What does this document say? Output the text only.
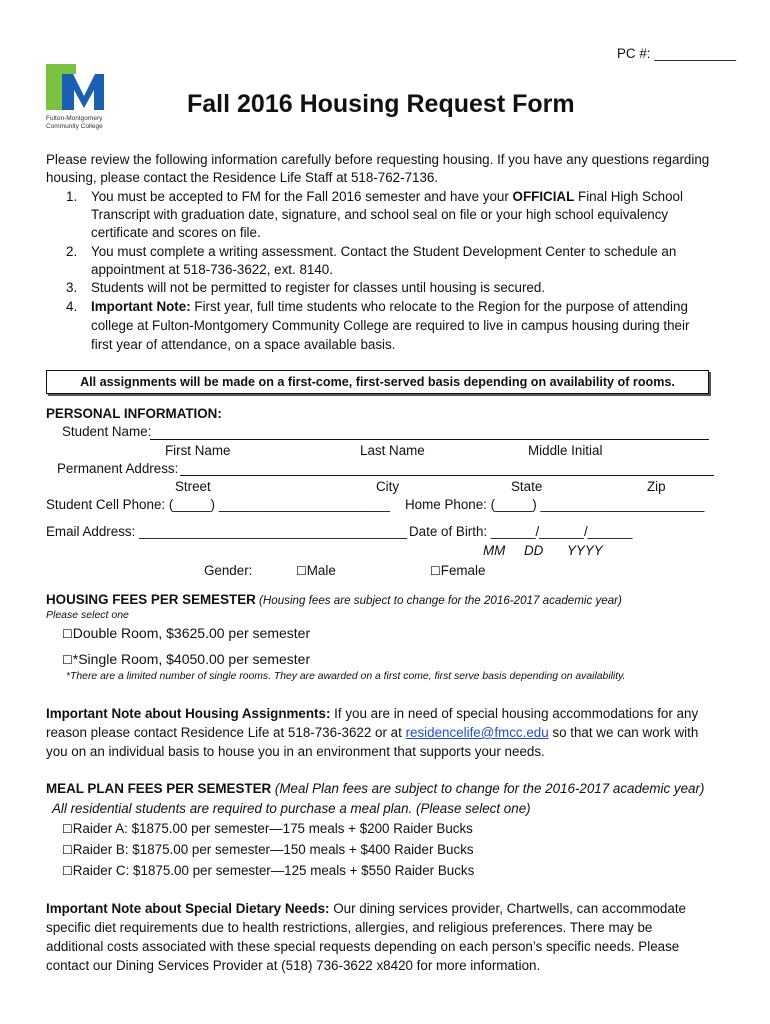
PC #: ___________
Fulton-Montgomery
Community College
Fall 2016 Housing Request Form
Please review the following information carefully before requesting housing. If you have any questions regarding
housing, please contact the Residence Life Staff at 518-762-7136.
1. You must be accepted to FM for the Fall 2016 semester and have your OFFICIAL Final High School
Transcript with graduation date, signature, and school seal on file or your high school equivalency
certificate and scores on file.
2. You must complete a writing assessment. Contact the Student Development Center to schedule an
appointment at 518-736-3622, ext. 8140.
3. Students will not be permitted to register for classes until housing is secured.
4. Important Note: First year, full time students who relocate to the Region for the purpose of attending
college at Fulton-Montgomery Community College are required to live in campus housing during their
first year of attendance, on a space available basis.
All assignments will be made on a first-come, first-served basis depending on availability of rooms.
PERSONAL INFORMATION:
Student Name:
First Name	Last Name	Middle Initial
Permanent Address:
Street	City	State	Zip
Student Cell Phone: (_____) _______________________ Home Phone: (_____) ______________________
Email Address: ____________________________________ Date of Birth: ______/______/______
MM DD YYYY
Gender:	☐Male	☐Female
HOUSING FEES PER SEMESTER (Housing fees are subject to change for the 2016-2017 academic year)
Please select one
☐Double Room, $3625.00 per semester
☐*Single Room, $4050.00 per semester
*There are a limited number of single rooms. They are awarded on a first come, first serve basis depending on availability.
Important Note about Housing Assignments: If you are in need of special housing accommodations for any
reason please contact Residence Life at 518-736-3622 or at residencelife@fmcc.edu so that we can work with
you on an individual basis to house you in an environment that supports your needs.
MEAL PLAN FEES PER SEMESTER (Meal Plan fees are subject to change for the 2016-2017 academic year)
All residential students are required to purchase a meal plan. (Please select one)
☐Raider A: $1875.00 per semester—175 meals + $200 Raider Bucks
☐Raider B: $1875.00 per semester—150 meals + $400 Raider Bucks
☐Raider C: $1875.00 per semester—125 meals + $550 Raider Bucks
Important Note about Special Dietary Needs: Our dining services provider, Chartwells, can accommodate
specific diet requirements due to health restrictions, allergies, and religious preferences. There may be
additional costs associated with these special requests depending on each person’s specific needs. Please
contact our Dining Services Provider at (518) 736-3622 x8420 for more information.
